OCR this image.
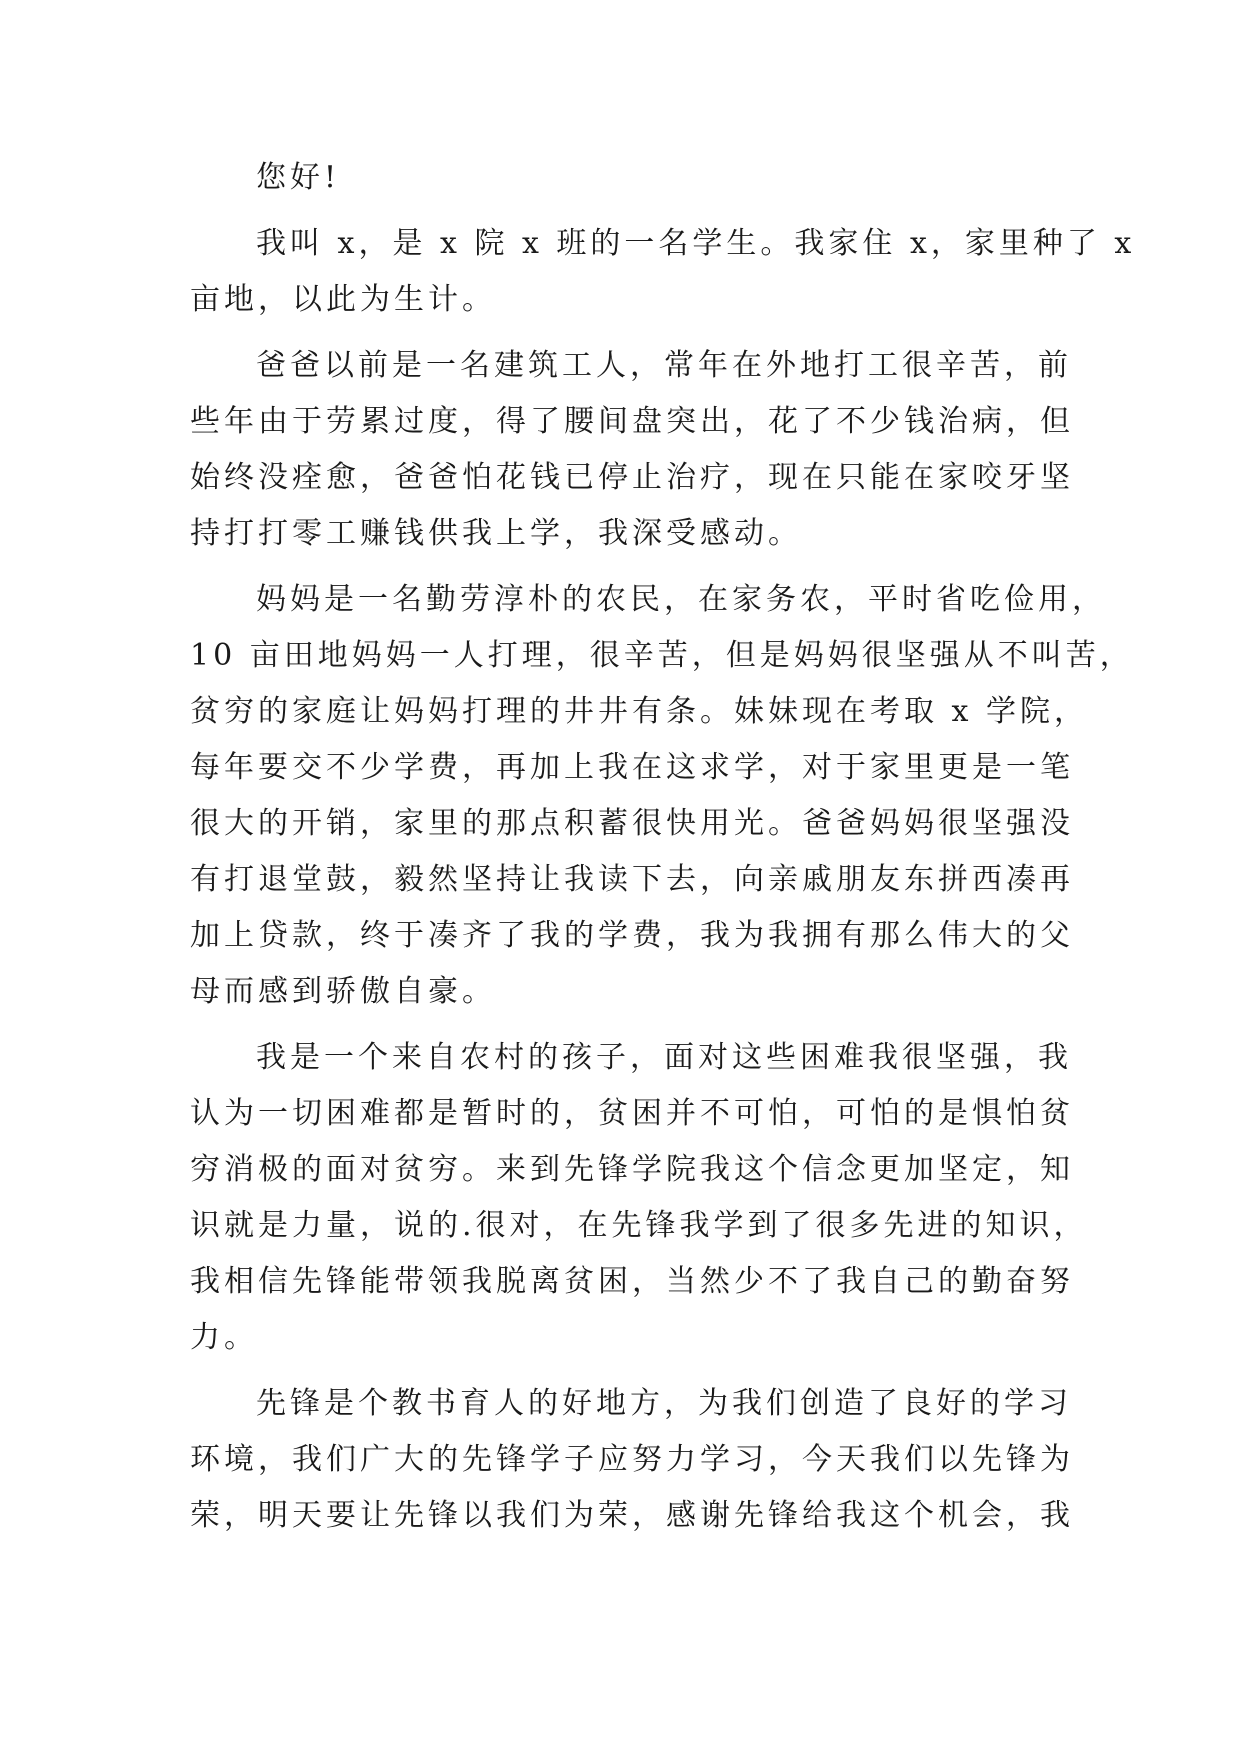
您好!
我叫 x，是 x 院 x 班的一名学生。我家住 x，家里种了 x
亩地，以此为生计。
爸爸以前是一名建筑工人，常年在外地打工很辛苦，前
些年由于劳累过度，得了腰间盘突出，花了不少钱治病，但
始终没痊愈，爸爸怕花钱已停止治疗，现在只能在家咬牙坚
持打打零工赚钱供我上学，我深受感动。
妈妈是一名勤劳淳朴的农民，在家务农，平时省吃俭用，
10 亩田地妈妈一人打理，很辛苦，但是妈妈很坚强从不叫苦，
贫穷的家庭让妈妈打理的井井有条。妹妹现在考取 x 学院，
每年要交不少学费，再加上我在这求学，对于家里更是一笔
很大的开销，家里的那点积蓄很快用光。爸爸妈妈很坚强没
有打退堂鼓，毅然坚持让我读下去，向亲戚朋友东拼西凑再
加上贷款，终于凑齐了我的学费，我为我拥有那么伟大的父
母而感到骄傲自豪。
我是一个来自农村的孩子，面对这些困难我很坚强，我
认为一切困难都是暂时的，贫困并不可怕，可怕的是惧怕贫
穷消极的面对贫穷。来到先锋学院我这个信念更加坚定，知
识就是力量，说的.很对，在先锋我学到了很多先进的知识，
我相信先锋能带领我脱离贫困，当然少不了我自己的勤奋努
力。
先锋是个教书育人的好地方，为我们创造了良好的学习
环境，我们广大的先锋学子应努力学习，今天我们以先锋为
荣，明天要让先锋以我们为荣，感谢先锋给我这个机会，我
